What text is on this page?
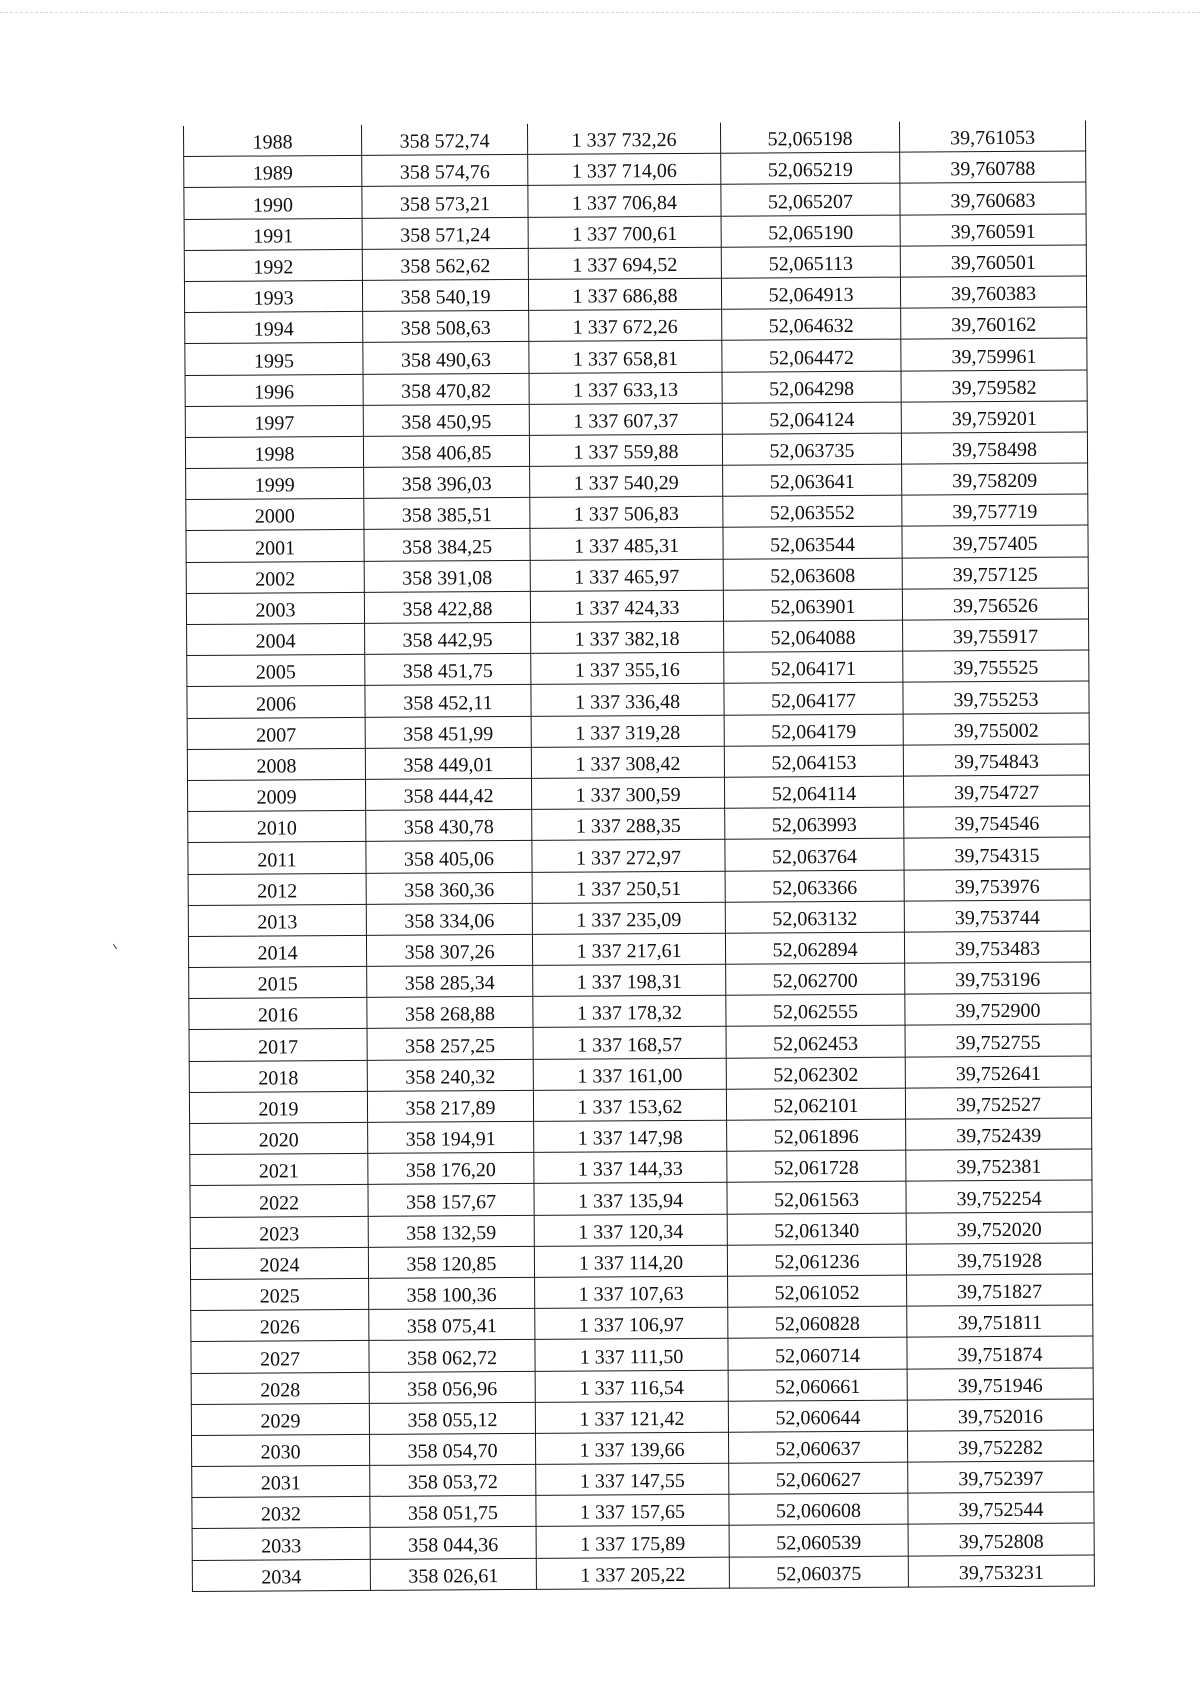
1988	358 572,74	1 337 732,26	52,065198	39,761053
1989	358 574,76	1 337 714,06	52,065219	39,760788
1990	358 573,21	1 337 706,84	52,065207	39,760683
1991	358 571,24	1 337 700,61	52,065190	39,760591
1992	358 562,62	1 337 694,52	52,065113	39,760501
1993	358 540,19	1 337 686,88	52,064913	39,760383
1994	358 508,63	1 337 672,26	52,064632	39,760162
1995	358 490,63	1 337 658,81	52,064472	39,759961
1996	358 470,82	1 337 633,13	52,064298	39,759582
1997	358 450,95	1 337 607,37	52,064124	39,759201
1998	358 406,85	1 337 559,88	52,063735	39,758498
1999	358 396,03	1 337 540,29	52,063641	39,758209
2000	358 385,51	1 337 506,83	52,063552	39,757719
2001	358 384,25	1 337 485,31	52,063544	39,757405
2002	358 391,08	1 337 465,97	52,063608	39,757125
2003	358 422,88	1 337 424,33	52,063901	39,756526
2004	358 442,95	1 337 382,18	52,064088	39,755917
2005	358 451,75	1 337 355,16	52,064171	39,755525
2006	358 452,11	1 337 336,48	52,064177	39,755253
2007	358 451,99	1 337 319,28	52,064179	39,755002
2008	358 449,01	1 337 308,42	52,064153	39,754843
2009	358 444,42	1 337 300,59	52,064114	39,754727
2010	358 430,78	1 337 288,35	52,063993	39,754546
2011	358 405,06	1 337 272,97	52,063764	39,754315
2012	358 360,36	1 337 250,51	52,063366	39,753976
2013	358 334,06	1 337 235,09	52,063132	39,753744
2014	358 307,26	1 337 217,61	52,062894	39,753483
2015	358 285,34	1 337 198,31	52,062700	39,753196
2016	358 268,88	1 337 178,32	52,062555	39,752900
2017	358 257,25	1 337 168,57	52,062453	39,752755
2018	358 240,32	1 337 161,00	52,062302	39,752641
2019	358 217,89	1 337 153,62	52,062101	39,752527
2020	358 194,91	1 337 147,98	52,061896	39,752439
2021	358 176,20	1 337 144,33	52,061728	39,752381
2022	358 157,67	1 337 135,94	52,061563	39,752254
2023	358 132,59	1 337 120,34	52,061340	39,752020
2024	358 120,85	1 337 114,20	52,061236	39,751928
2025	358 100,36	1 337 107,63	52,061052	39,751827
2026	358 075,41	1 337 106,97	52,060828	39,751811
2027	358 062,72	1 337 111,50	52,060714	39,751874
2028	358 056,96	1 337 116,54	52,060661	39,751946
2029	358 055,12	1 337 121,42	52,060644	39,752016
2030	358 054,70	1 337 139,66	52,060637	39,752282
2031	358 053,72	1 337 147,55	52,060627	39,752397
2032	358 051,75	1 337 157,65	52,060608	39,752544
2033	358 044,36	1 337 175,89	52,060539	39,752808
2034	358 026,61	1 337 205,22	52,060375	39,753231
